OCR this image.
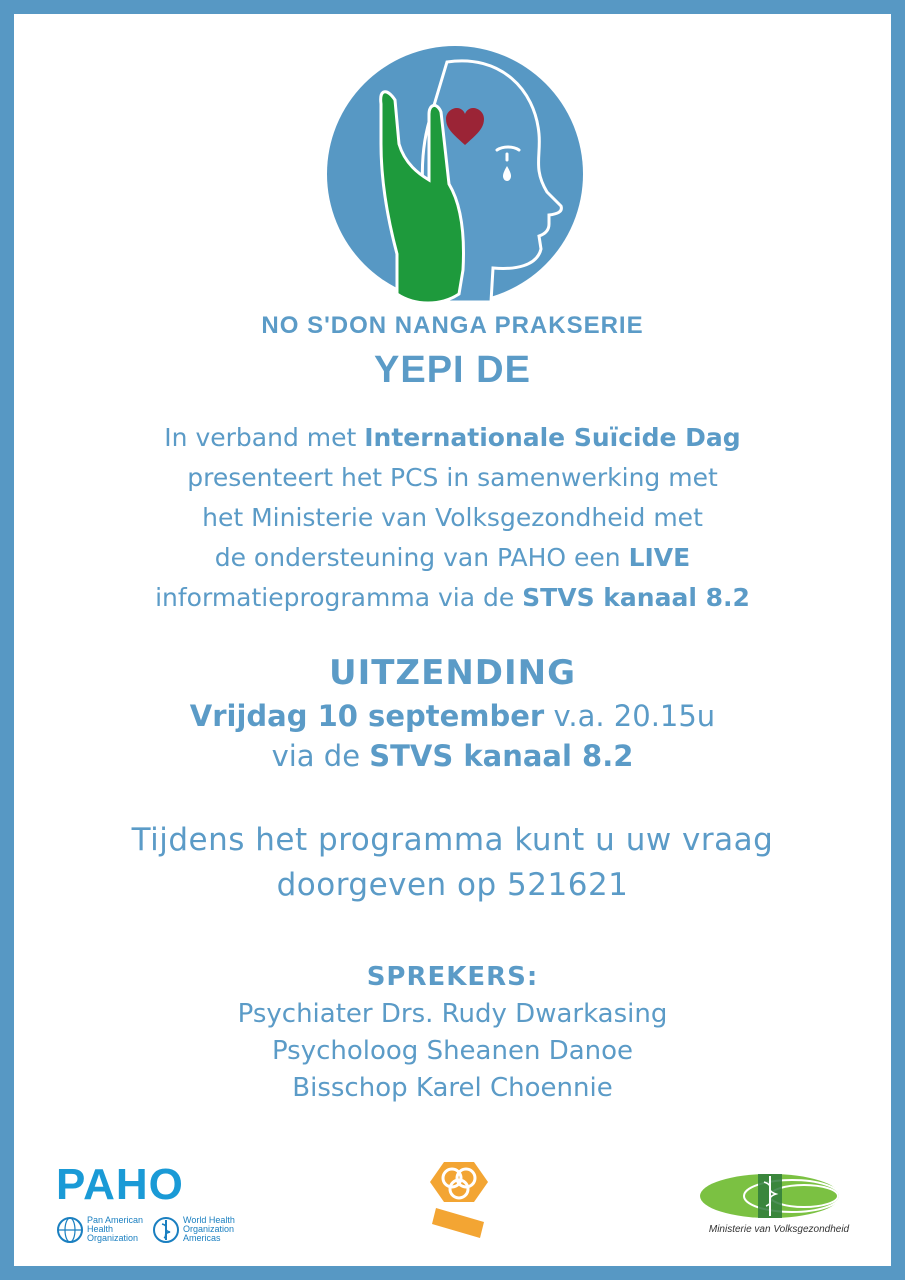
NO S'DON NANGA PRAKSERIE
YEPI DE
In verband met Internationale Suïcide Dag
presenteert het PCS in samenwerking met
het Ministerie van Volksgezondheid met
de ondersteuning van PAHO een LIVE
informatieprogramma via de STVS kanaal 8.2
UITZENDING
Vrijdag 10 september v.a. 20.15u
via de STVS kanaal 8.2
Tijdens het programma kunt u uw vraag
doorgeven op 521621
SPREKERS:
Psychiater Drs. Rudy Dwarkasing
Psycholoog Sheanen Danoe
Bisschop Karel Choennie
PAHO
Pan American
Health
Organization
World Health
Organization
Americas
Ministerie van Volksgezondheid
